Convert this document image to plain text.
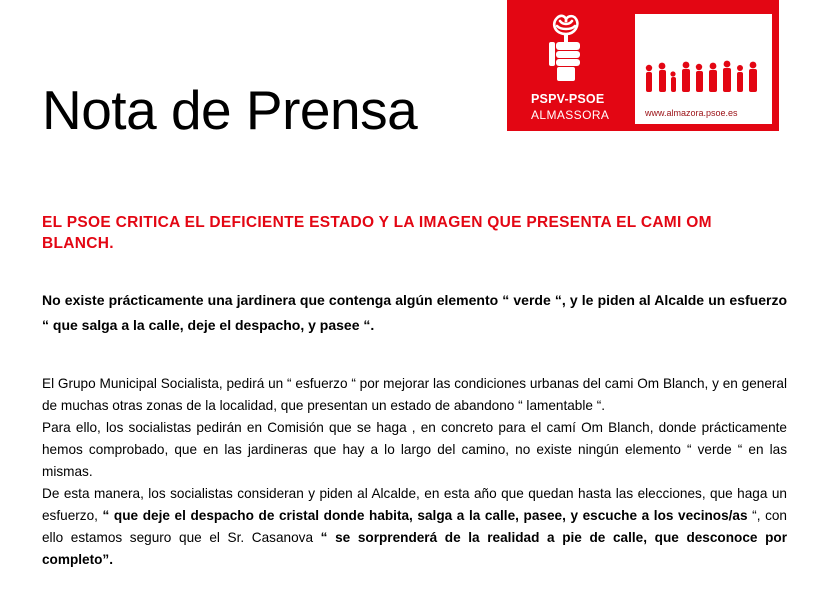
Nota de Prensa	PSPV-PSOE
ALMASSORA	www.almazora.psoe.es

EL PSOE CRITICA EL DEFICIENTE ESTADO Y LA IMAGEN QUE PRESENTA EL CAMI OM BLANCH.

No existe prácticamente una jardinera que contenga algún elemento “ verde “, y le piden al Alcalde un esfuerzo “ que salga a la calle, deje el despacho, y pasee “.

El Grupo Municipal Socialista, pedirá un “ esfuerzo “ por mejorar las condiciones urbanas del cami Om Blanch, y en general de muchas otras zonas de la localidad, que presentan un estado de abandono “ lamentable “.
Para ello, los socialistas pedirán en Comisión que se haga , en concreto para el camí Om Blanch, donde prácticamente hemos comprobado, que en las jardineras que hay a lo largo del camino, no existe ningún elemento “ verde “ en las mismas.
De esta manera, los socialistas consideran y piden al Alcalde, en esta año que quedan hasta las elecciones, que haga un esfuerzo, “ que deje el despacho de cristal donde habita, salga a la calle, pasee, y escuche a los vecinos/as “, con ello estamos seguro que el Sr. Casanova “ se sorprenderá de la realidad a pie de calle, que desconoce por completo”.
